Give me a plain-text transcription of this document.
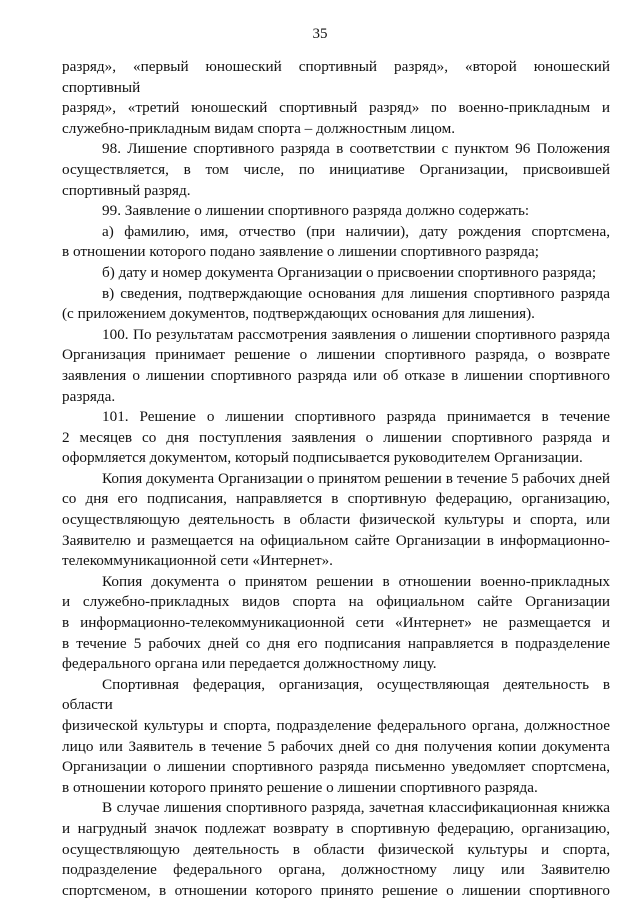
35
разряд», «первый юношеский спортивный разряд», «второй юношеский спортивный
разряд», «третий юношеский спортивный разряд» по военно-прикладным и
служебно-прикладным видам спорта – должностным лицом.
98. Лишение спортивного разряда в соответствии с пунктом 96 Положения
осуществляется, в том числе, по инициативе Организации, присвоившей
спортивный разряд.
99. Заявление о лишении спортивного разряда должно содержать:
а) фамилию, имя, отчество (при наличии), дату рождения спортсмена,
в отношении которого подано заявление о лишении спортивного разряда;
б) дату и номер документа Организации о присвоении спортивного разряда;
в) сведения, подтверждающие основания для лишения спортивного разряда
(с приложением документов, подтверждающих основания для лишения).
100. По результатам рассмотрения заявления о лишении спортивного разряда
Организация принимает решение о лишении спортивного разряда, о возврате
заявления о лишении спортивного разряда или об отказе в лишении спортивного
разряда.
101. Решение о лишении спортивного разряда принимается в течение
2 месяцев со дня поступления заявления о лишении спортивного разряда и
оформляется документом, который подписывается руководителем Организации.
Копия документа Организации о принятом решении в течение 5 рабочих дней
со дня его подписания, направляется в спортивную федерацию, организацию,
осуществляющую деятельность в области физической культуры и спорта, или
Заявителю и размещается на официальном сайте Организации в информационно-
телекоммуникационной сети «Интернет».
Копия документа о принятом решении в отношении военно-прикладных
и служебно-прикладных видов спорта на официальном сайте Организации
в информационно-телекоммуникационной сети «Интернет» не размещается и
в течение 5 рабочих дней со дня его подписания направляется в подразделение
федерального органа или передается должностному лицу.
Спортивная федерация, организация, осуществляющая деятельность в области
физической культуры и спорта, подразделение федерального органа, должностное
лицо или Заявитель в течение 5 рабочих дней со дня получения копии документа
Организации о лишении спортивного разряда письменно уведомляет спортсмена,
в отношении которого принято решение о лишении спортивного разряда.
В случае лишения спортивного разряда, зачетная классификационная книжка
и нагрудный значок подлежат возврату в спортивную федерацию, организацию,
осуществляющую деятельность в области физической культуры и спорта,
подразделение федерального органа, должностному лицу или Заявителю
спортсменом, в отношении которого принято решение о лишении спортивного
